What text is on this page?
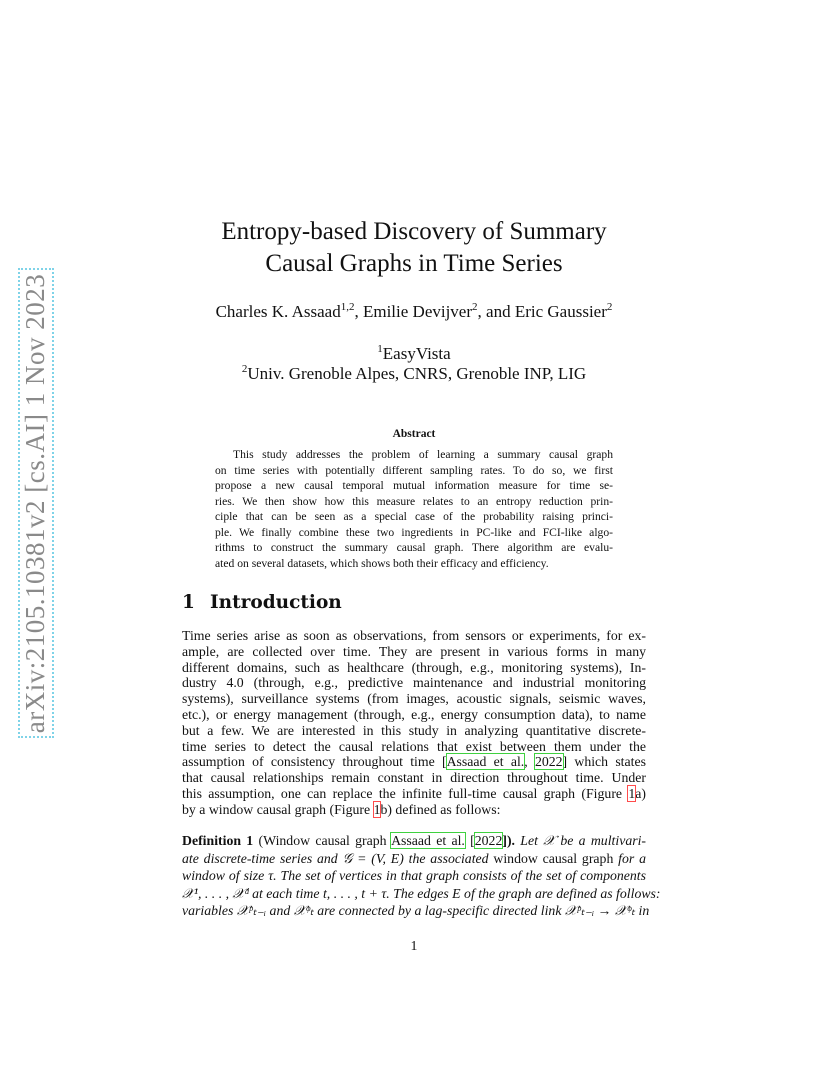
arXiv:2105.10381v2 [cs.AI] 1 Nov 2023
Entropy-based Discovery of Summary
Causal Graphs in Time Series
Charles K. Assaad$^{1,2}$, Emilie Devijver$^2$, and Eric Gaussier$^2$
$^1$EasyVista
$^2$Univ. Grenoble Alpes, CNRS, Grenoble INP, LIG
Abstract
This study addresses the problem of learning a summary causal graph
on time series with potentially different sampling rates. To do so, we first
propose a new causal temporal mutual information measure for time se-
ries. We then show how this measure relates to an entropy reduction prin-
ciple that can be seen as a special case of the probability raising princi-
ple. We finally combine these two ingredients in PC-like and FCI-like algo-
rithms to construct the summary causal graph. There algorithm are evalu-
ated on several datasets, which shows both their efficacy and efficiency.
1 Introduction
Time series arise as soon as observations, from sensors or experiments, for ex-
ample, are collected over time. They are present in various forms in many
different domains, such as healthcare (through, e.g., monitoring systems), In-
dustry 4.0 (through, e.g., predictive maintenance and industrial monitoring
systems), surveillance systems (from images, acoustic signals, seismic waves,
etc.), or energy management (through, e.g., energy consumption data), to name
but a few. We are interested in this study in analyzing quantitative discrete-
time series to detect the causal relations that exist between them under the
assumption of consistency throughout time [Assaad et al., 2022] which states
that causal relationships remain constant in direction throughout time. Under
this assumption, one can replace the infinite full-time causal graph (Figure 1a)
by a window causal graph (Figure 1b) defined as follows:
Definition 1 (Window causal graph Assaad et al. [2022]). Let 𝒳 be a multivari-
ate discrete-time series and 𝒢 = (V, E) the associated window causal graph for a
window of size τ. The set of vertices in that graph consists of the set of components
𝒳¹, . . . , 𝒳ᵈ at each time t, . . . , t + τ. The edges E of the graph are defined as follows:
variables 𝒳ᵖₜ₋ᵢ and 𝒳ᵠₜ are connected by a lag-specific directed link 𝒳ᵖₜ₋ᵢ → 𝒳ᵠₜ in
1
